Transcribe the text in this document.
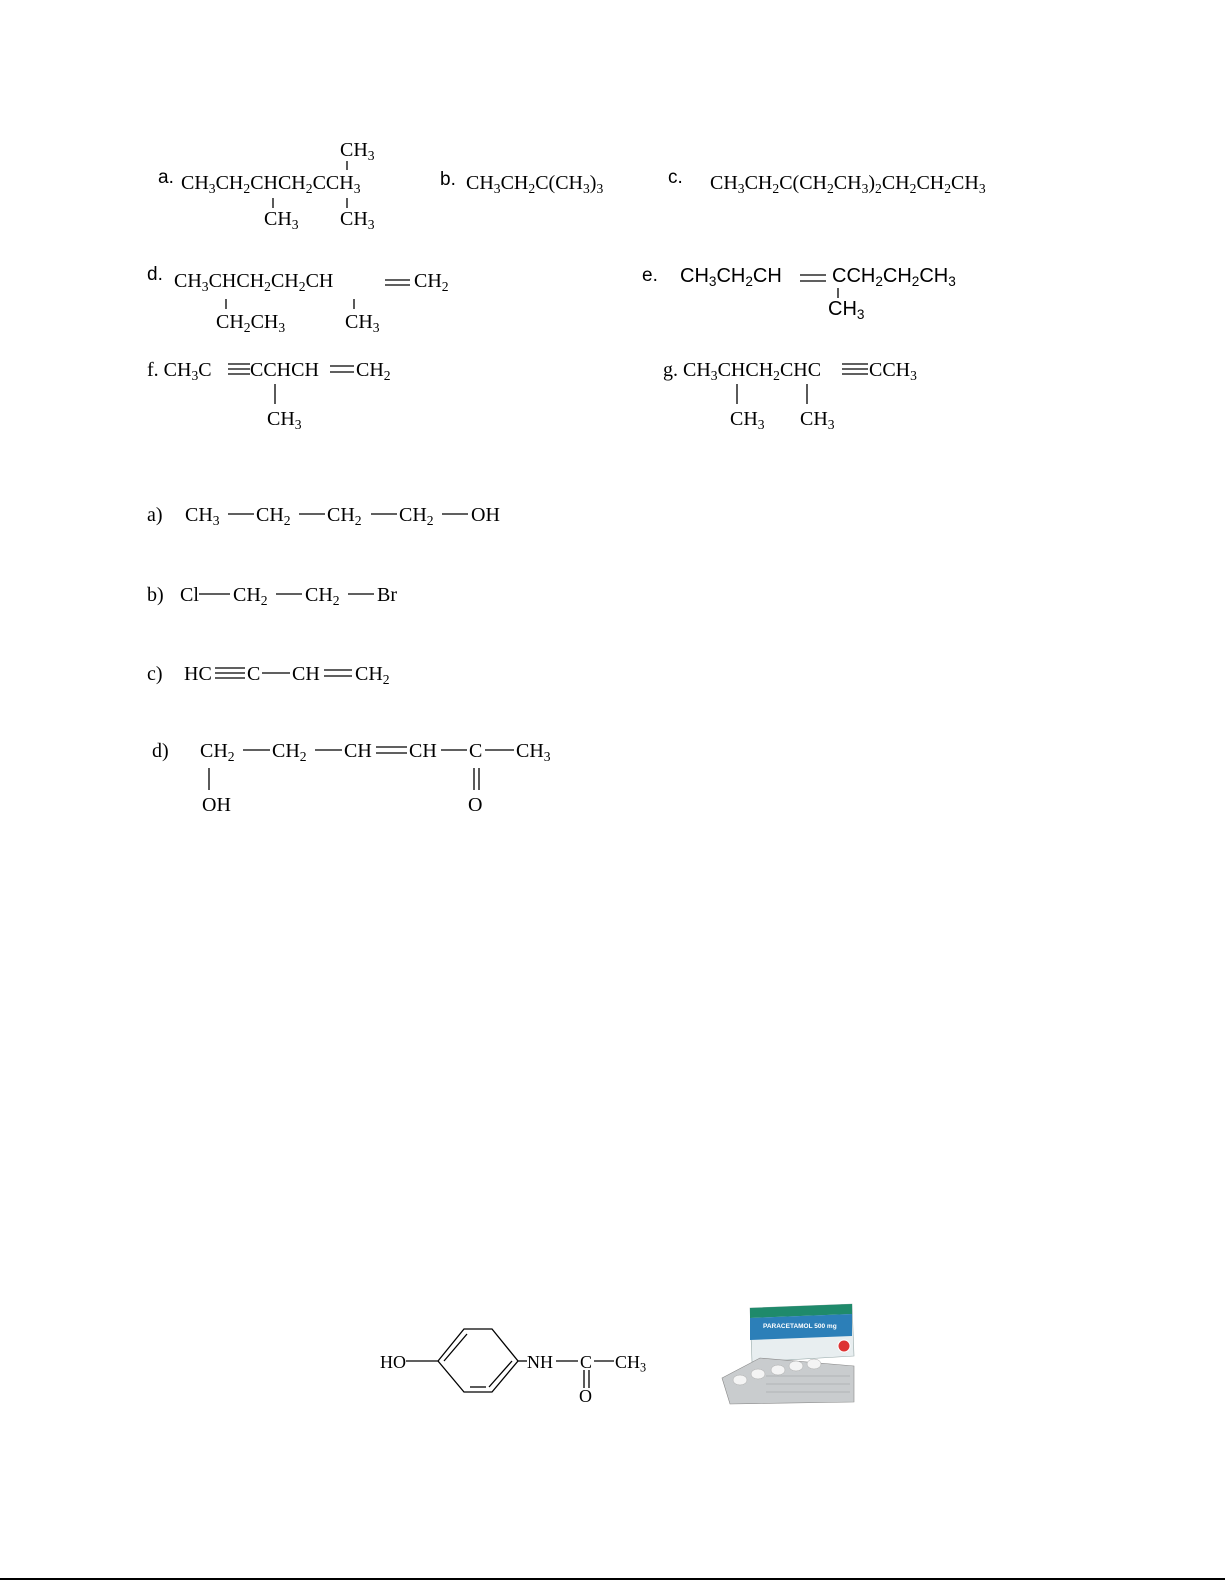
a.
$CH_3$
$CH_3CH_2CHCH_2CCH_3$
$CH_3$ $CH_3$
b. $CH_3CH_2C(CH_3)_3$
c. $CH_3CH_2C(CH_2CH_3)_2CH_2CH_2CH_3$
d. $CH_3CHCH_2CH_2CH$	$CH_2$
$CH_2CH_3$	$CH_3$
e. $CH_3CH_2CH$	$CCH_2CH_2CH_3$
$CH_3$
f. $CH_3C$ CCHCH $CH_2$
$CH_3$
g. $CH_3CHCH_2CHC$ $CCH_3$
$CH_3$ $CH_3$
a) $CH_3$ $CH_2$ $CH_2$ $CH_2$ OH
b) Cl $CH_2$ $CH_2$ Br
c) HC C CH $CH_2$
d) $CH_2$ $CH_2$ CH CH C $CH_3$
OH	O
HO	NH C $CH_3$
O
PARACETAMOL 500 mg
